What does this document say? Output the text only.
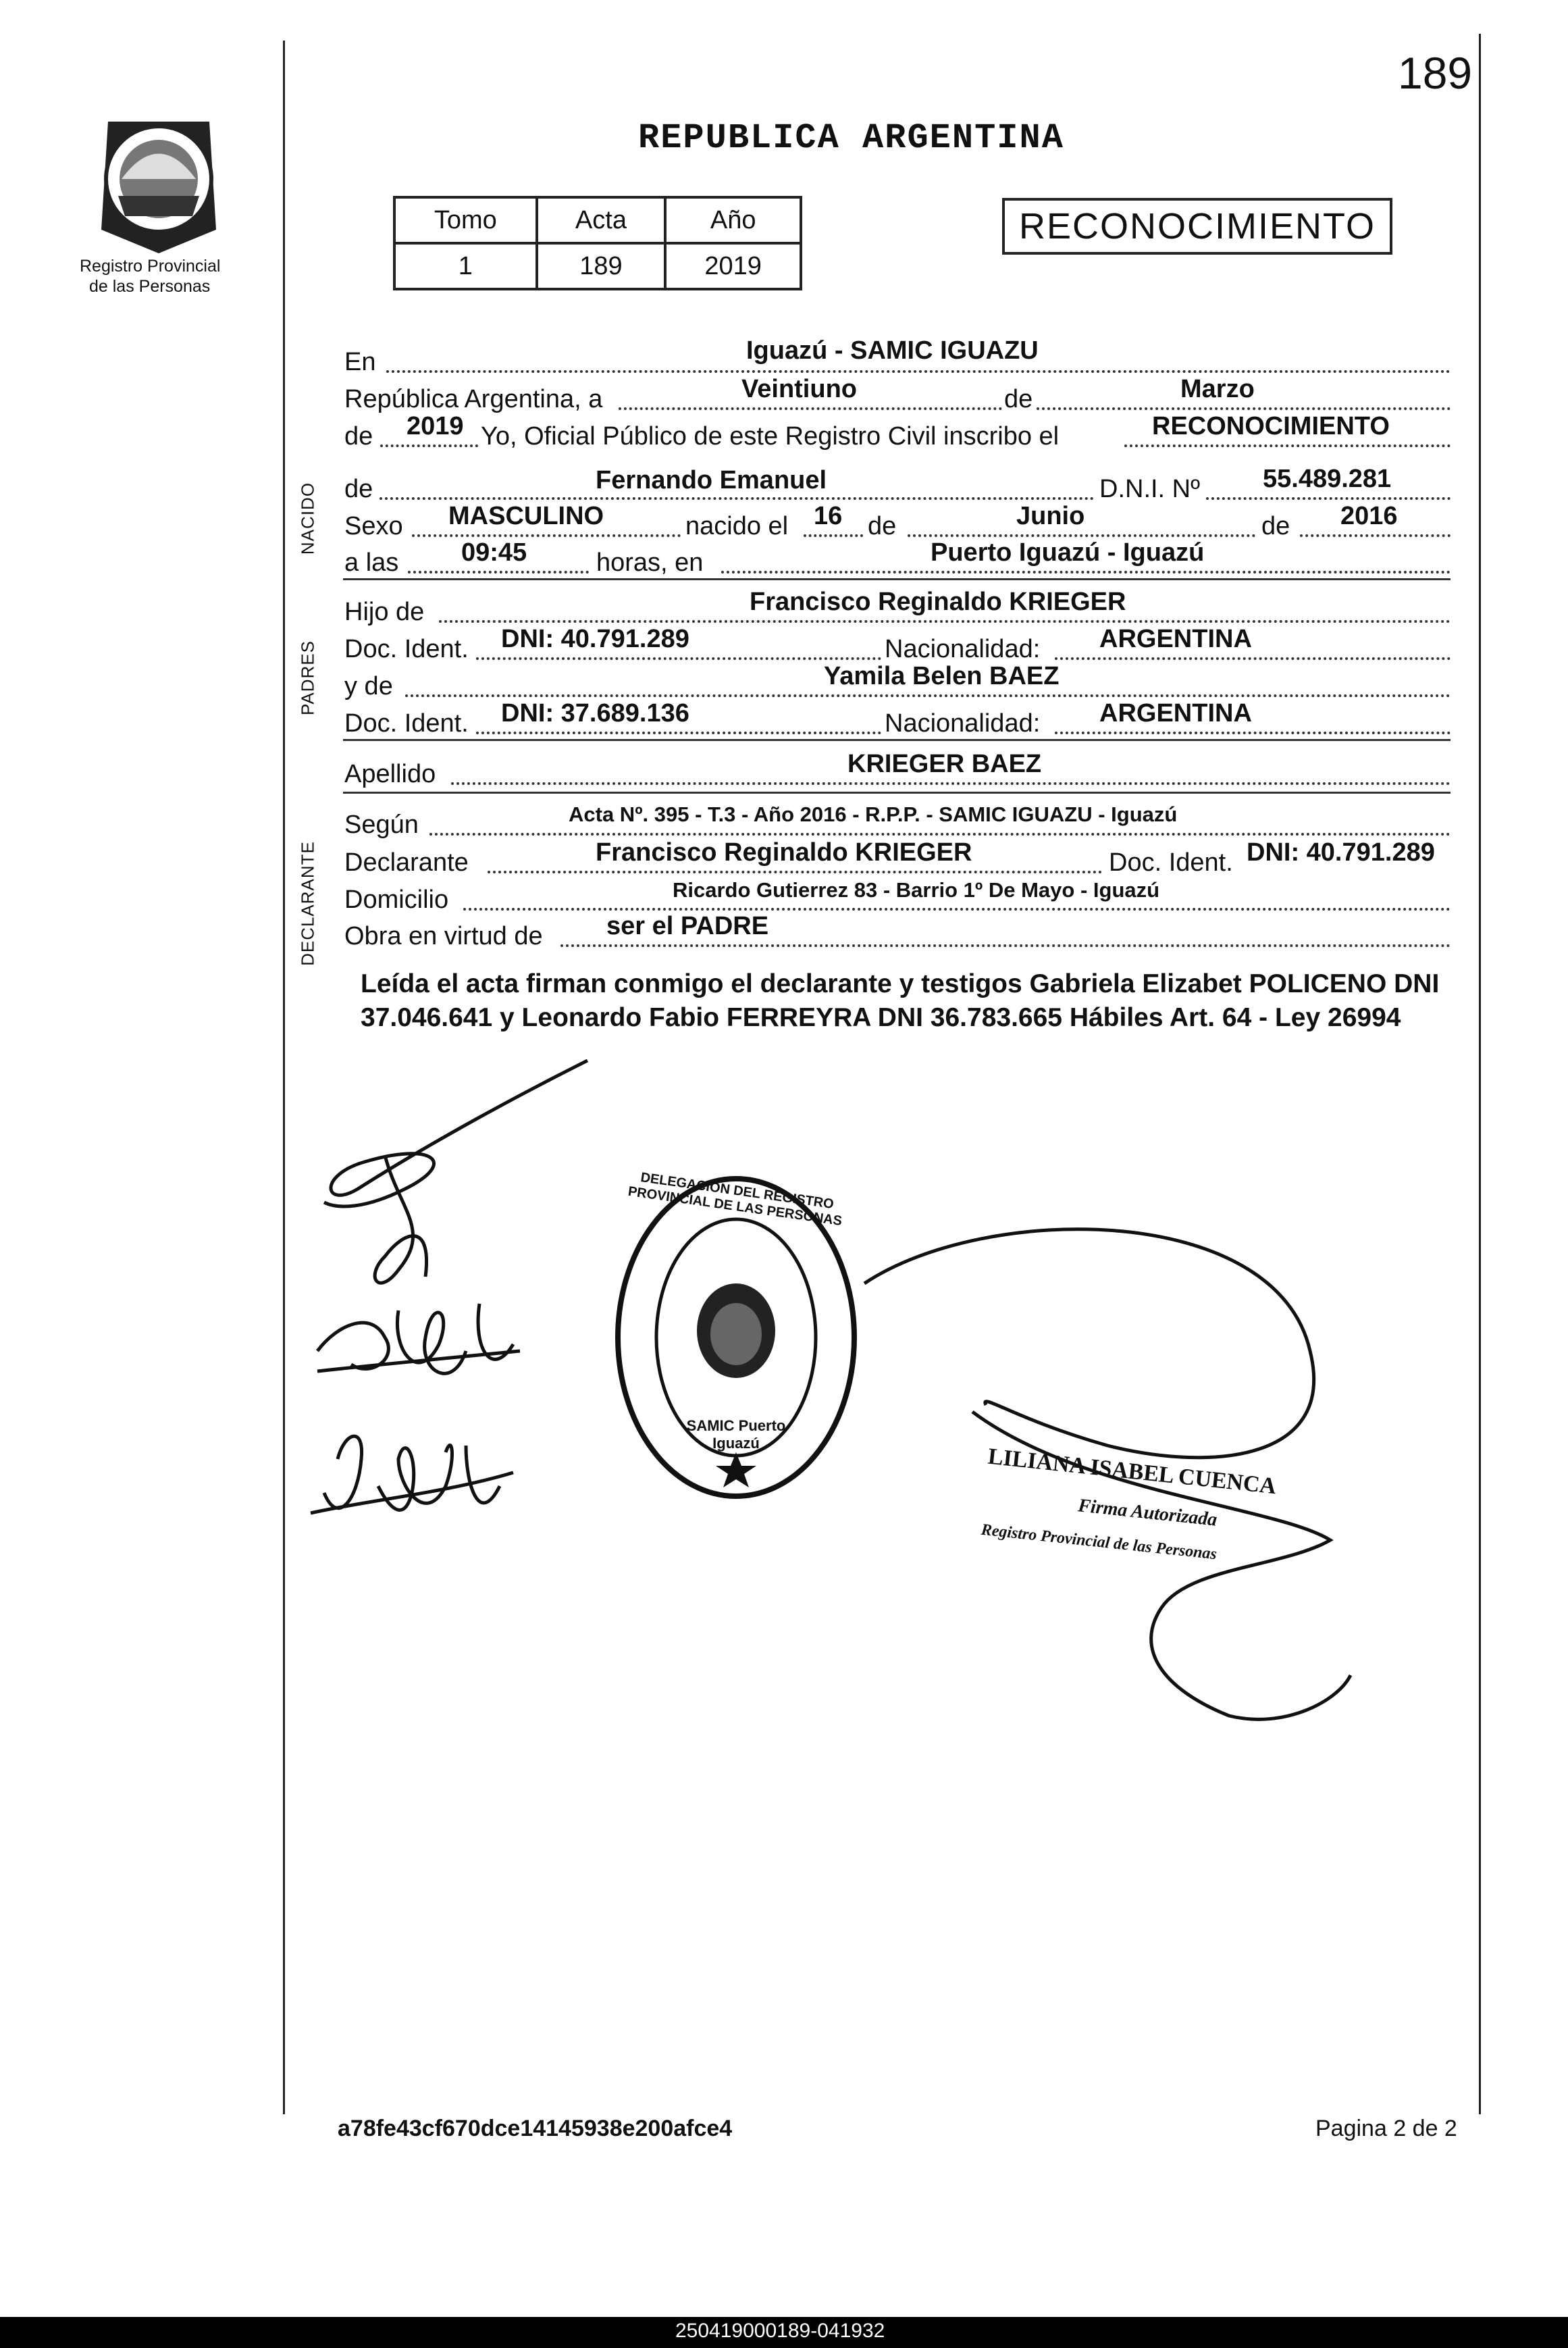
Registro Provincial
de las Personas
189
REPUBLICA ARGENTINA
Tomo	Acta	Año
1	189	2019
RECONOCIMIENTO
NACIDO
PADRES
DECLARANTE
En	Iguazú - SAMIC IGUAZU
República Argentina, a	Veintiuno	de	Marzo
de 2019 Yo, Oficial Público de este Registro Civil inscribo el	RECONOCIMIENTO
de	Fernando Emanuel	D.N.I. Nº 55.489.281
Sexo MASCULINO	nacido el 16 de	Junio	de 2016
a las 09:45	horas, en	Puerto Iguazú - Iguazú
Hijo de	Francisco Reginaldo KRIEGER
Doc. Ident. DNI: 40.791.289	Nacionalidad: ARGENTINA
y de	Yamila Belen BAEZ
Doc. Ident. DNI: 37.689.136	Nacionalidad: ARGENTINA
Apellido	KRIEGER BAEZ
Según	Acta Nº. 395 - T.3 - Año 2016 - R.P.P. - SAMIC IGUAZU - Iguazú
Declarante	Francisco Reginaldo KRIEGER	Doc. Ident. DNI: 40.791.289
Domicilio	Ricardo Gutierrez 83 - Barrio 1º De Mayo - Iguazú
Obra en virtud de ser el PADRE
Leída el acta firman conmigo el declarante y testigos Gabriela Elizabet POLICENO DNI 37.046.641 y Leonardo Fabio FERREYRA DNI 36.783.665 Hábiles Art. 64 - Ley 26994
DELEGACION DEL REGISTRO PROVINCIAL DE LAS PERSONAS
SAMIC Puerto Iguazú
LILIANA ISABEL CUENCA
Firma Autorizada
Registro Provincial de las Personas
a78fe43cf670dce14145938e200afce4	Pagina 2 de 2
250419000189-041932
